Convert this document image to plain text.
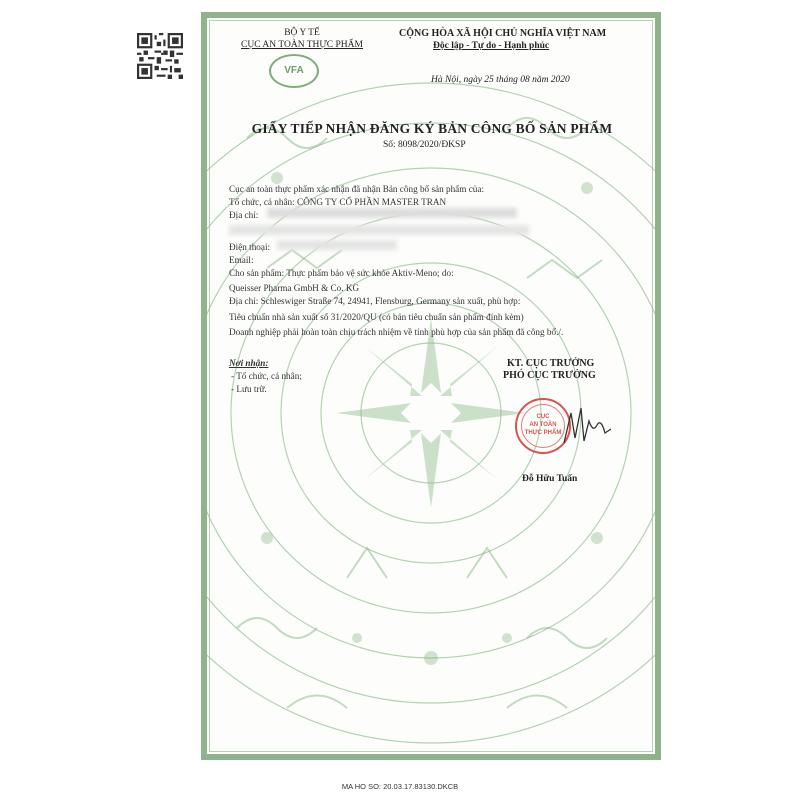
BỘ Y TẾ
CỤC AN TOÀN THỰC PHẨM
VFA
CỘNG HÒA XÃ HỘI CHỦ NGHĨA VIỆT NAM
Độc lập - Tự do - Hạnh phúc
Hà Nội, ngày 25 tháng 08 năm 2020
GIẤY TIẾP NHẬN ĐĂNG KÝ BẢN CÔNG BỐ SẢN PHẨM
Số: 8098/2020/ĐKSP
Cục an toàn thực phẩm xác nhận đã nhận Bản công bố sản phẩm của:
Tổ chức, cá nhân: CÔNG TY CỔ PHẦN MASTER TRAN
Địa chỉ:
Điện thoại:
Email:
Cho sản phẩm: Thực phẩm bảo vệ sức khỏe Aktiv-Meno; do:
Queisser Pharma GmbH & Co. KG
Địa chỉ: Schleswiger Straße 74, 24941, Flensburg, Germany sản xuất, phù hợp:
Tiêu chuẩn nhà sản xuất số 31/2020/QU (có bản tiêu chuẩn sản phẩm đính kèm)
Doanh nghiệp phải hoàn toàn chịu trách nhiệm về tính phù hợp của sản phẩm đã công bố./.
Nơi nhận:
- Tổ chức, cá nhân;
- Lưu trữ.
KT. CỤC TRƯỞNG
PHÓ CỤC TRƯỞNG
CỤC
AN TOÀN
THỰC PHẨM
Đỗ Hữu Tuấn
MA HO SO: 20.03.17.83130.DKCB
